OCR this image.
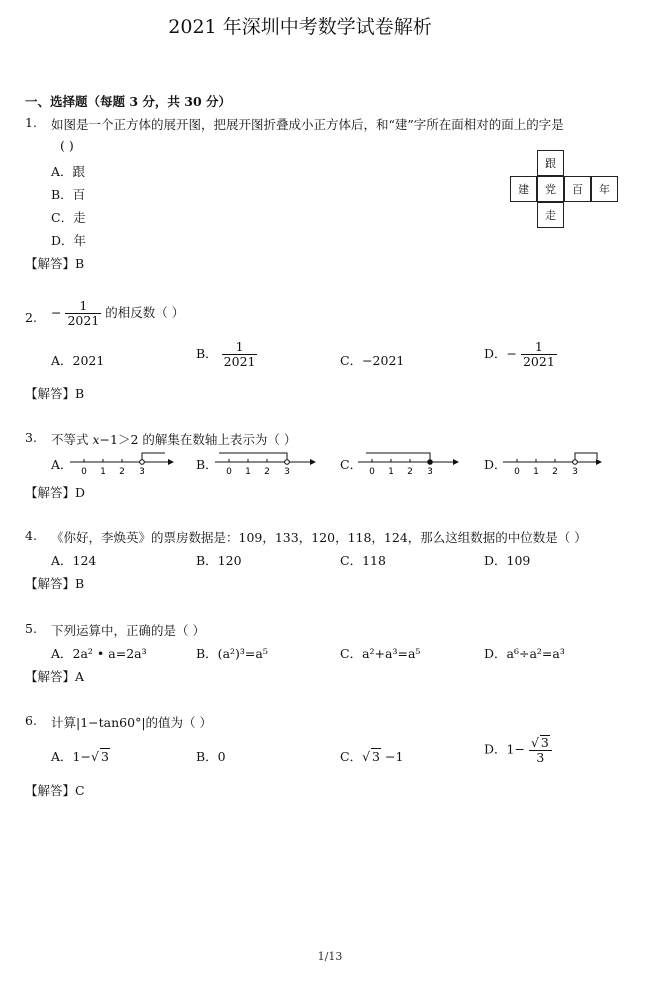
2021 年深圳中考数学试卷解析
一、选择题（每题 3 分，共 30 分）
1. 如图是一个正方体的展开图，把展开图折叠成小正方体后，和“建”字所在面相对的面上的字是
( )
A．跟
B．百
C．走
D．年
跟
建	党	百	年
走
【解答】B
2. − $\frac{1}{2021}$ 的相反数（ ）
A．2021	B． $\frac{1}{2021}$	C．−2021	D．− $\frac{1}{2021}$
【解答】B
3. 不等式 x−1＞2 的解集在数轴上表示为（ ）
A． 0 1 2 3	B． 0 1 2 3	C． 0 1 2 3	D． 0 1 2 3
【解答】D
4. 《你好，李焕英》的票房数据是：109，133，120，118，124，那么这组数据的中位数是（ ）
A．124	B．120	C．118	D．109
【解答】B
5. 下列运算中，正确的是（ ）
A．2a² • a=2a³	B．(a²)³=a⁵	C．a²+a³=a⁵	D．a⁶÷a²=a³
【解答】A
6. 计算|1−tan60°|的值为（ ）
A．1−√ 3	B．0	C．√ 3 −1
D．$1- \frac{√ 3}{3}$
【解答】C
1/13
